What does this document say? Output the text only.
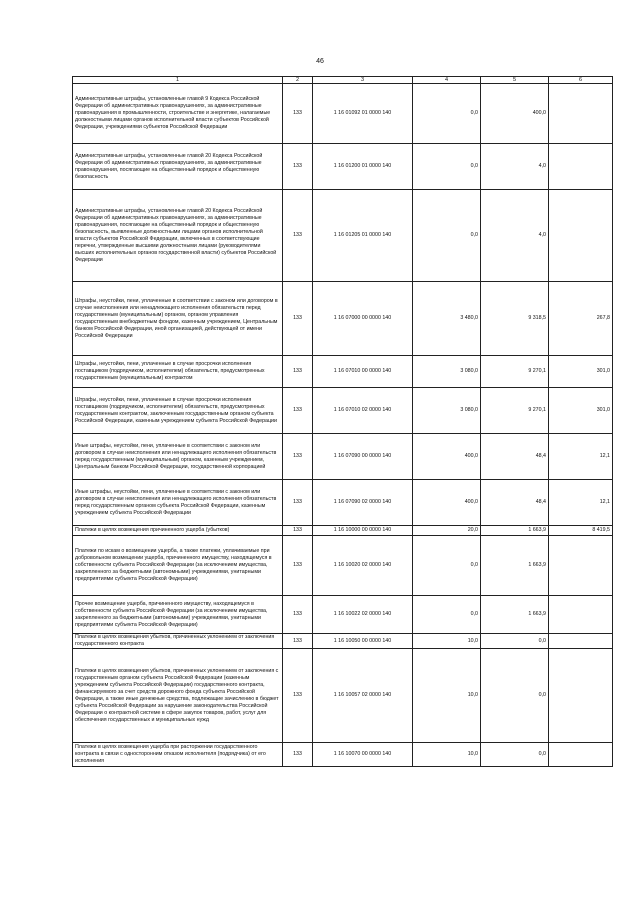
46
1	2	3	4	5	6
Административные штрафы, установленные главой 9 Кодекса Российской Федерации об административных правонарушениях, за административные правонарушения в промышленности, строительстве и энергетике, налагаемые должностными лицами органов исполнительной власти субъектов Российской Федерации, учреждениями субъектов Российской Федерации	133	1 16 01092 01 0000 140	0,0	400,0	
Административные штрафы, установленные главой 20 Кодекса Российской Федерации об административных правонарушениях, за административные правонарушения, посягающие на общественный порядок и общественную безопасность	133	1 16 01200 01 0000 140	0,0	4,0	
Административные штрафы, установленные главой 20 Кодекса Российской Федерации об административных правонарушениях, за административные правонарушения, посягающие на общественный порядок и общественную безопасность, выявленные должностными лицами органов исполнительной власти субъектов Российской Федерации, включенных в соответствующие перечни, утвержденные высшими должностными лицами (руководителями высших исполнительных органов государственной власти) субъектов Российской Федерации	133	1 16 01205 01 0000 140	0,0	4,0	
Штрафы, неустойки, пени, уплаченные в соответствии с законом или договором в случае неисполнения или ненадлежащего исполнения обязательств перед государственным (муниципальным) органом, органом управления государственным внебюджетным фондом, казенным учреждением, Центральным банком Российской Федерации, иной организацией, действующей от имени Российской Федерации	133	1 16 07000 00 0000 140	3 480,0	9 318,5	267,8
Штрафы, неустойки, пени, уплаченные в случае просрочки исполнения поставщиком (подрядчиком, исполнителем) обязательств, предусмотренных государственным (муниципальным) контрактом	133	1 16 07010 00 0000 140	3 080,0	9 270,1	301,0
Штрафы, неустойки, пени, уплаченные в случае просрочки исполнения поставщиком (подрядчиком, исполнителем) обязательств, предусмотренных государственным контрактом, заключенным государственным органом субъекта Российской Федерации, казенным учреждением субъекта Российской Федерации	133	1 16 07010 02 0000 140	3 080,0	9 270,1	301,0
Иные штрафы, неустойки, пени, уплаченные в соответствии с законом или договором в случае неисполнения или ненадлежащего исполнения обязательств перед государственным (муниципальным) органом, казенным учреждением, Центральным банком Российской Федерации, государственной корпорацией	133	1 16 07090 00 0000 140	400,0	48,4	12,1
Иные штрафы, неустойки, пени, уплаченные в соответствии с законом или договором в случае неисполнения или ненадлежащего исполнения обязательств перед государственным органом субъекта Российской Федерации, казенным учреждением субъекта Российской Федерации	133	1 16 07090 02 0000 140	400,0	48,4	12,1
Платежи в целях возмещения причиненного ущерба (убытков)	133	1 16 10000 00 0000 140	20,0	1 663,9	8 419,5
Платежи по искам о возмещении ущерба, а также платежи, уплачиваемые при добровольном возмещении ущерба, причиненного имуществу, находящемуся в собственности субъекта Российской Федерации (за исключением имущества, закрепленного за бюджетными (автономными) учреждениями, унитарными предприятиями субъекта Российской Федерации)	133	1 16 10020 02 0000 140	0,0	1 663,9	
Прочее возмещение ущерба, причиненного имуществу, находящемуся в собственности субъекта Российской Федерации (за исключением имущества, закрепленного за бюджетными (автономными) учреждениями, унитарными предприятиями субъекта Российской Федерации)	133	1 16 10022 02 0000 140	0,0	1 663,9	
Платежи в целях возмещения убытков, причиненных уклонением от заключения государственного контракта	133	1 16 10050 00 0000 140	10,0	0,0	
Платежи в целях возмещения убытков, причиненных уклонением от заключения с государственным органом субъекта Российской Федерации (казенным учреждением субъекта Российской Федерации) государственного контракта, финансируемого за счет средств дорожного фонда субъекта Российской Федерации, а также иные денежные средства, подлежащие зачислению в бюджет субъекта Российской Федерации за нарушение законодательства Российской Федерации о контрактной системе в сфере закупок товаров, работ, услуг для обеспечения государственных и муниципальных нужд	133	1 16 10057 02 0000 140	10,0	0,0	
Платежи в целях возмещения ущерба при расторжении государственного контракта в связи с односторонним отказом исполнителя (подрядчика) от его исполнения	133	1 16 10070 00 0000 140	10,0	0,0	
